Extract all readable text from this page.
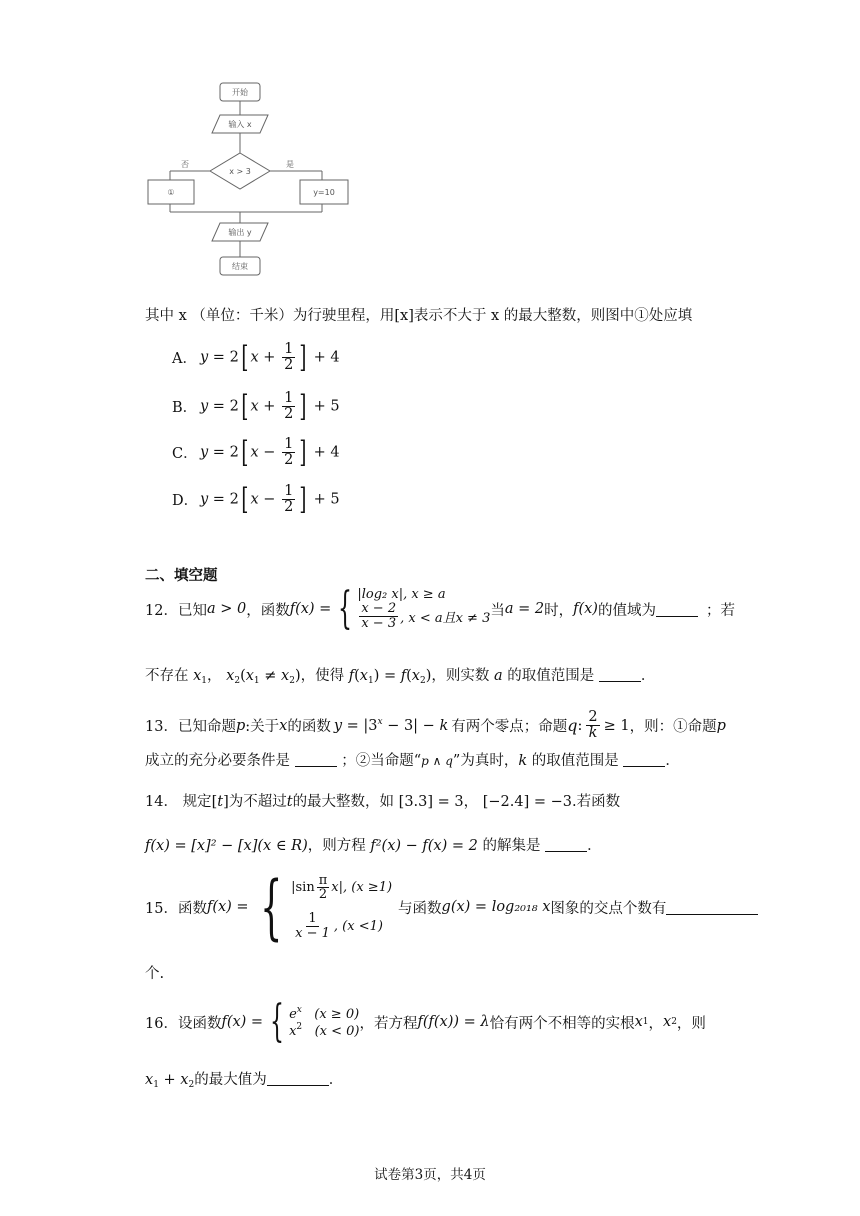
开始
输入 x
x > 3
否	是
①	y=10
输出 y
结束
其中 x （单位：千米）为行驶里程，用[x]表示不大于 x 的最大整数，则图中①处应填
A． y = 2[ $x + \frac{1}{2}$ ] + 4
B． y = 2[ $x + \frac{1}{2}$ ] + 5
C． y = 2[ $x - \frac{1}{2}$ ] + 4
D． y = 2[ $x - \frac{1}{2}$ ] + 5
二、填空题
12． 已知 a > 0 ，函数 f(x) = { |log₂ x|, x ≥ a
$\frac{x - 2}{x - 3}$ , x < a且x ≠ 3 当 a = 2 时， f(x) 的值域为	；若
不存在 $x_1$， $x_2(x_1 \ne x_2)$，使得 $f(x_1) = f(x_2)$，则实数 a 的取值范围是	．
13． 已知命题 p :关于 x 的函数 $y = |3^x - 3| - k$ 有两个零点；命题 q : $\frac{2}{k} \ge 1$ ，则：①命题 p
成立的充分必要条件是	；②当命题“p ∧ q”为真时，k 的取值范围是	．
14． 规定[t]为不超过t的最大整数，如 [3.3] = 3， [−2.4] = −3.若函数
f(x) = [x]² − [x](x ∈ R)，则方程 f²(x) − f(x) = 2 的解集是	．
15． 函数 f(x) = { $|\sin \frac{\pi}{2}$ x | , (x ≥1)
$\frac{1}{x - 1}$ , (x <1)
与函数 g(x) = log₂₀₁₈ x 图象的交点个数有
个.
16． 设函数 f(x) = { $e^x$ (x ≥ 0)
$x^2$ (x < 0) ，若方程 f(f(x)) = λ 恰有两个不相等的实根 x 1 ， x 2 ，则
$x_1 + x_2$的最大值为	．
试卷第3页，共4页
